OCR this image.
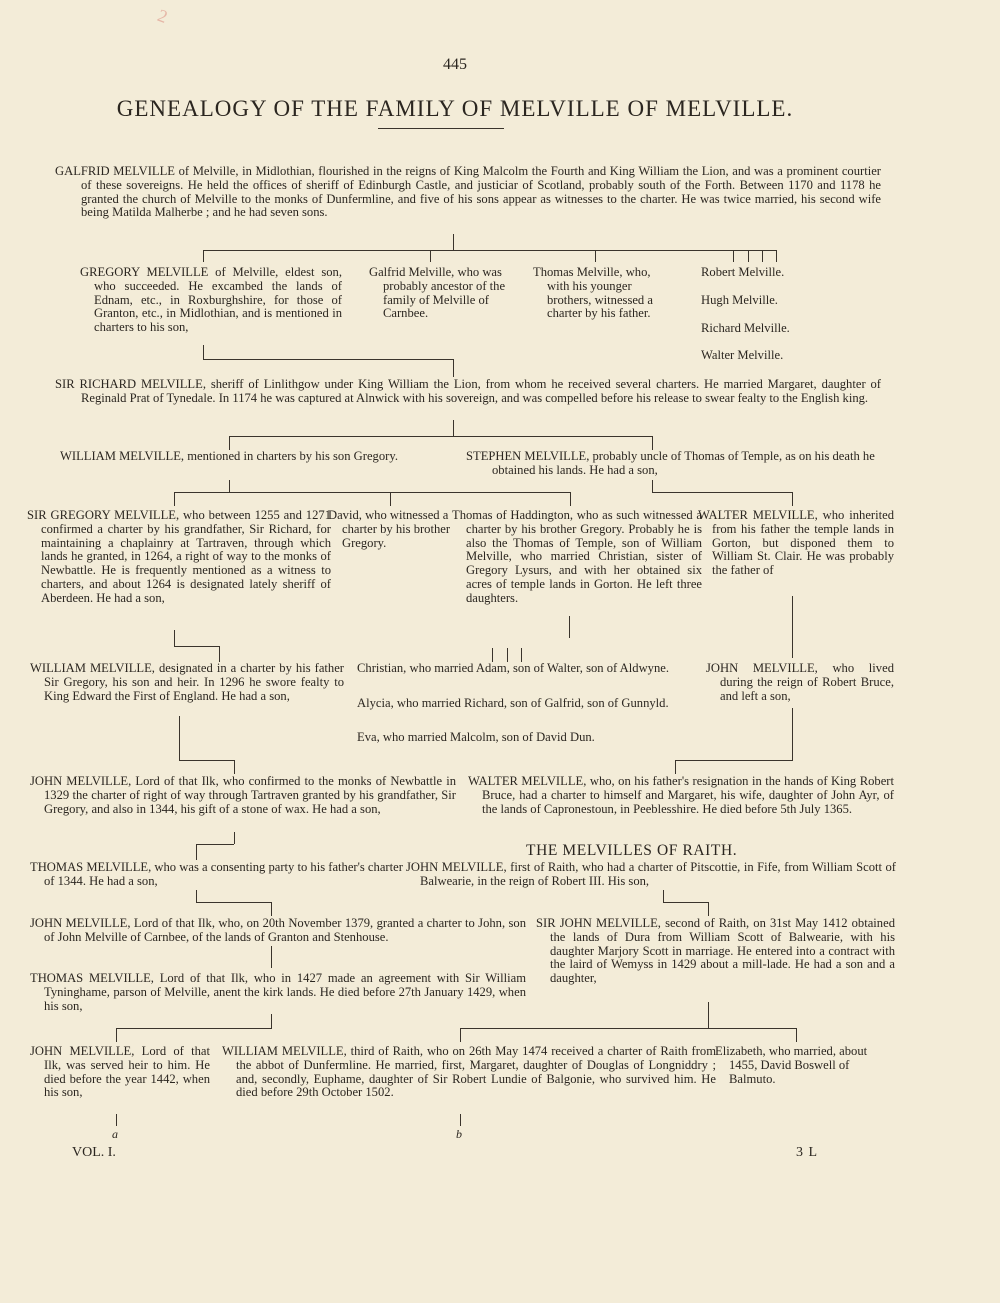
2
445
GENEALOGY OF THE FAMILY OF MELVILLE OF MELVILLE.
GALFRID MELVILLE of Melville, in Midlothian, flourished in the reigns of King Malcolm the Fourth and King William the Lion, and was a prominent courtier of these sovereigns. He held the offices of sheriff of Edinburgh Castle, and justiciar of Scotland, probably south of the Forth. Between 1170 and 1178 he granted the church of Melville to the monks of Dunfermline, and five of his sons appear as witnesses to the charter. He was twice married, his second wife being Matilda Malherbe ; and he had seven sons.
GREGORY MELVILLE of Melville, eldest son, who succeeded. He excambed the lands of Ednam, etc., in Roxburghshire, for those of Granton, etc., in Midlothian, and is mentioned in charters to his son,
Galfrid Melville, who was probably ancestor of the family of Melville of Carnbee.
Thomas Melville, who, with his younger brothers, witnessed a charter by his father.
Robert Melville.
Hugh Melville.
Richard Melville.
Walter Melville.
SIR RICHARD MELVILLE, sheriff of Linlithgow under King William the Lion, from whom he received several charters. He married Margaret, daughter of Reginald Prat of Tynedale. In 1174 he was captured at Alnwick with his sovereign, and was compelled before his release to swear fealty to the English king.
WILLIAM MELVILLE, mentioned in charters by his son Gregory.	STEPHEN MELVILLE, probably uncle of Thomas of Temple, as on his death he obtained his lands. He had a son,
SIR GREGORY MELVILLE, who between 1255 and 1271 confirmed a charter by his grandfather, Sir Richard, for maintaining a chaplainry at Tartraven, through which lands he granted, in 1264, a right of way to the monks of Newbattle. He is frequently mentioned as a witness to charters, and about 1264 is designated lately sheriff of Aberdeen. He had a son,
David, who witnessed a charter by his brother Gregory.
Thomas of Haddington, who as such witnessed a charter by his brother Gregory. Probably he is also the Thomas of Temple, son of William Melville, who married Christian, sister of Gregory Lysurs, and with her obtained six acres of temple lands in Gorton. He left three daughters.
WALTER MELVILLE, who inherited from his father the temple lands in Gorton, but disponed them to William St. Clair. He was probably the father of
WILLIAM MELVILLE, designated in a charter by his father Sir Gregory, his son and heir. In 1296 he swore fealty to King Edward the First of England. He had a son,
Christian, who married Adam, son of Walter, son of Aldwyne.
Alycia, who married Richard, son of Galfrid, son of Gunnyld.
Eva, who married Malcolm, son of David Dun.
JOHN MELVILLE, who lived during the reign of Robert Bruce, and left a son,
JOHN MELVILLE, Lord of that Ilk, who confirmed to the monks of Newbattle in 1329 the charter of right of way through Tartraven granted by his grandfather, Sir Gregory, and also in 1344, his gift of a stone of wax. He had a son,
WALTER MELVILLE, who, on his father's resignation in the hands of King Robert Bruce, had a charter to himself and Margaret, his wife, daughter of John Ayr, of the lands of Capronestoun, in Peeblesshire. He died before 5th July 1365.
THE MELVILLES OF RAITH.
THOMAS MELVILLE, who was a consenting party to his father's charter of 1344. He had a son,
JOHN MELVILLE, first of Raith, who had a charter of Pitscottie, in Fife, from William Scott of Balwearie, in the reign of Robert III. His son,
JOHN MELVILLE, Lord of that Ilk, who, on 20th November 1379, granted a charter to John, son of John Melville of Carnbee, of the lands of Granton and Stenhouse.
SIR JOHN MELVILLE, second of Raith, on 31st May 1412 obtained the lands of Dura from William Scott of Balwearie, with his daughter Marjory Scott in marriage. He entered into a contract with the laird of Wemyss in 1429 about a mill-lade. He had a son and a daughter,
THOMAS MELVILLE, Lord of that Ilk, who in 1427 made an agreement with Sir William Tyninghame, parson of Melville, anent the kirk lands. He died before 27th January 1429, when his son,
JOHN MELVILLE, Lord of that Ilk, was served heir to him. He died before the year 1442, when his son,
WILLIAM MELVILLE, third of Raith, who on 26th May 1474 received a charter of Raith from the abbot of Dunfermline. He married, first, Margaret, daughter of Douglas of Longniddry ; and, secondly, Euphame, daughter of Sir Robert Lundie of Balgonie, who survived him. He died before 29th October 1502.
Elizabeth, who married, about 1455, David Boswell of Balmuto.
a	b
VOL. I.	3 L
